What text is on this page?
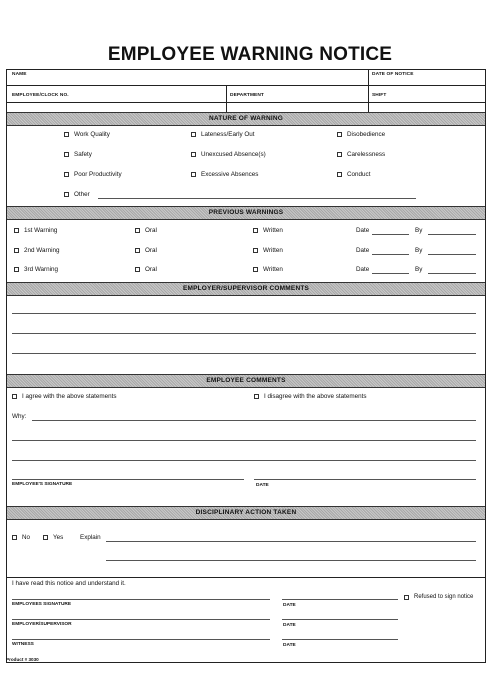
EMPLOYEE WARNING NOTICE
NAME	DATE OF NOTICE
EMPLOYEE/CLOCK NO.	DEPARTMENT	SHIFT
NATURE OF WARNING
Work Quality	Lateness/Early Out	Disobedience
Safety	Unexcused Absence(s)	Carelessness
Poor Productivity	Excessive Absences	Conduct
Other
PREVIOUS WARNINGS
1st Warning	Oral	Written	Date	By
2nd Warning	Oral	Written	Date	By
3rd Warning	Oral	Written	Date	By
EMPLOYER/SUPERVISOR COMMENTS
EMPLOYEE COMMENTS
I agree with the above statements	I disagree with the above statements
Why:
EMPLOYEE'S SIGNATURE	DATE
DISCIPLINARY ACTION TAKEN
No	Yes	Explain
I have read this notice and understand it.
Refused to sign notice
EMPLOYEES SIGNATURE	DATE
EMPLOYER/SUPERVISOR	DATE
WITNESS	DATE
Product # 3030
